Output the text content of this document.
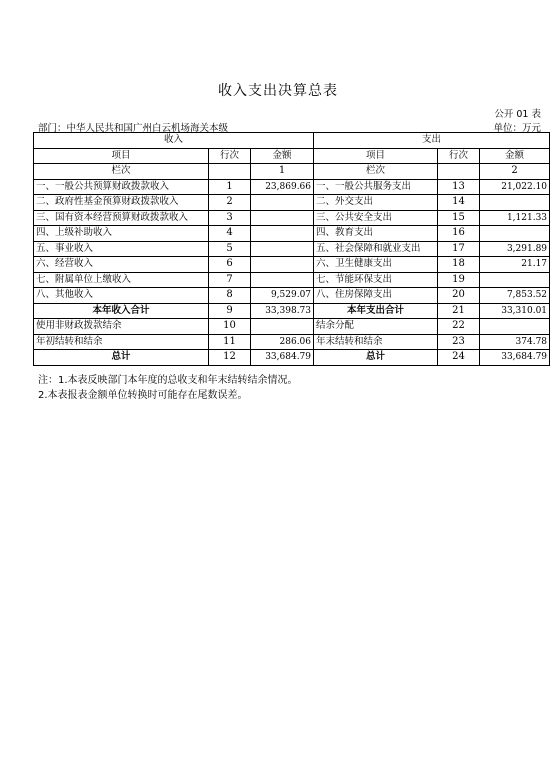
收入支出决算总表
公开 01 表
部门：中华人民共和国广州白云机场海关本级	单位：万元
收入			支出		
项目	行次	金额	项目	行次	金额
栏次		1	栏次		2
一、一般公共预算财政拨款收入	1	23,869.66	一、一般公共服务支出	13	21,022.10
二、政府性基金预算财政拨款收入	2		二、外交支出	14	
三、国有资本经营预算财政拨款收入	3		三、公共安全支出	15	1,121.33
四、上级补助收入	4		四、教育支出	16	
五、事业收入	5		五、社会保障和就业支出	17	3,291.89
六、经营收入	6		六、卫生健康支出	18	21.17
七、附属单位上缴收入	7		七、节能环保支出	19	
八、其他收入	8	9,529.07	八、住房保障支出	20	7,853.52
本年收入合计	9	33,398.73	本年支出合计	21	33,310.01
使用非财政拨款结余	10		结余分配	22	
年初结转和结余	11	286.06	年末结转和结余	23	374.78
总计	12	33,684.79	总计	24	33,684.79
注：1.本表反映部门本年度的总收支和年末结转结余情况。
2.本表报表金额单位转换时可能存在尾数误差。
